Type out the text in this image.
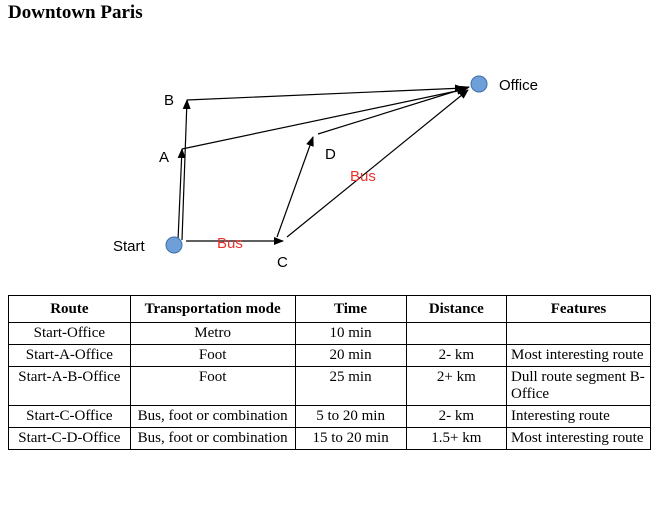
Downtown Paris
Start
A
B
C
D
Office
Bus
Bus
Route	Transportation mode	Time	Distance	Features
Start-Office	Metro	10 min		
Start-A-Office	Foot	20 min	2- km	Most interesting route
Start-A-B-Office	Foot	25 min	2+ km	Dull route segment B-Office
Start-C-Office	Bus, foot or combination	5 to 20 min	2- km	Interesting route
Start-C-D-Office	Bus, foot or combination	15 to 20 min	1.5+ km	Most interesting route
